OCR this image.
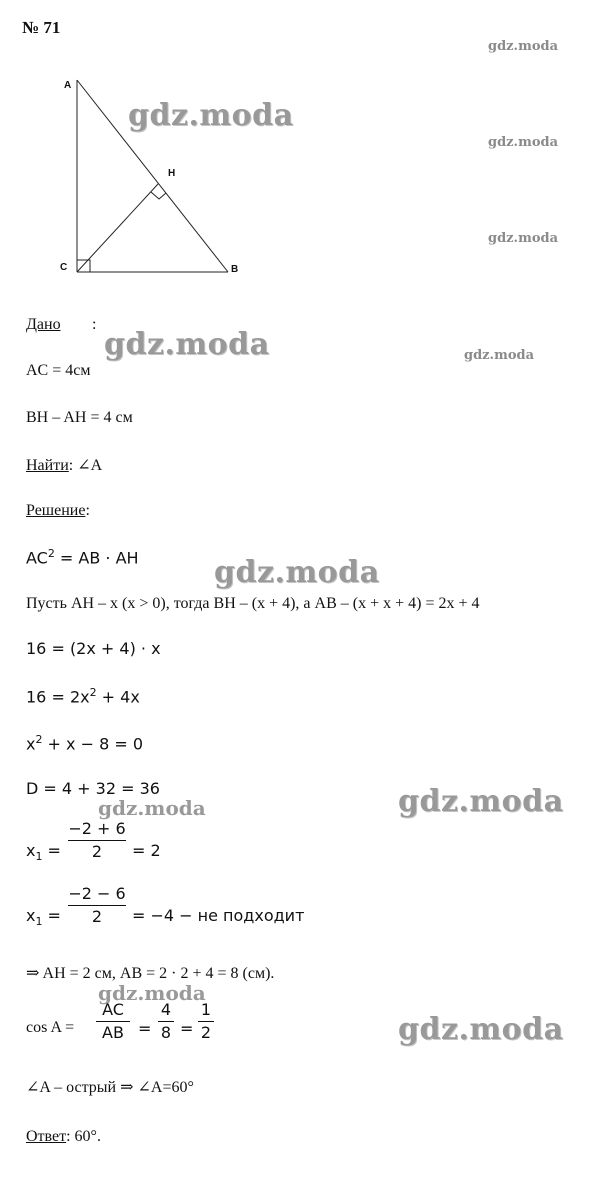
№ 71
gdz.moda
gdz.moda
gdz.moda
gdz.moda
A
H
C	B
gdz.moda
gdz.moda
gdz.moda
gdz.moda
gdz.moda
gdz.moda
gdz.moda
Дано :
AC = 4см
BH – AH = 4 см
Найти: ∠A
Решение:
$AC^2$ = AB · AH
Пусть AH – x (x > 0), тогда BH – (x + 4), а AB – (x + x + 4) = 2x + 4
16 = (2x + 4) · x
$16 = 2x^2 + 4x$
$x^2 + x - 8 = 0$
D = 4 + 32 = 36
$x_1$ =
−2 + 6
2	= 2
$x_1$ =
−2 − 6
2	= −4 − не подходит
⇒ AH = 2 см, AB = 2 · 2 + 4 = 8 (см).
cos A =
AC
AB =
4
8 =
1
2
∠A – острый ⇒ ∠A=60°
Ответ: 60°.
